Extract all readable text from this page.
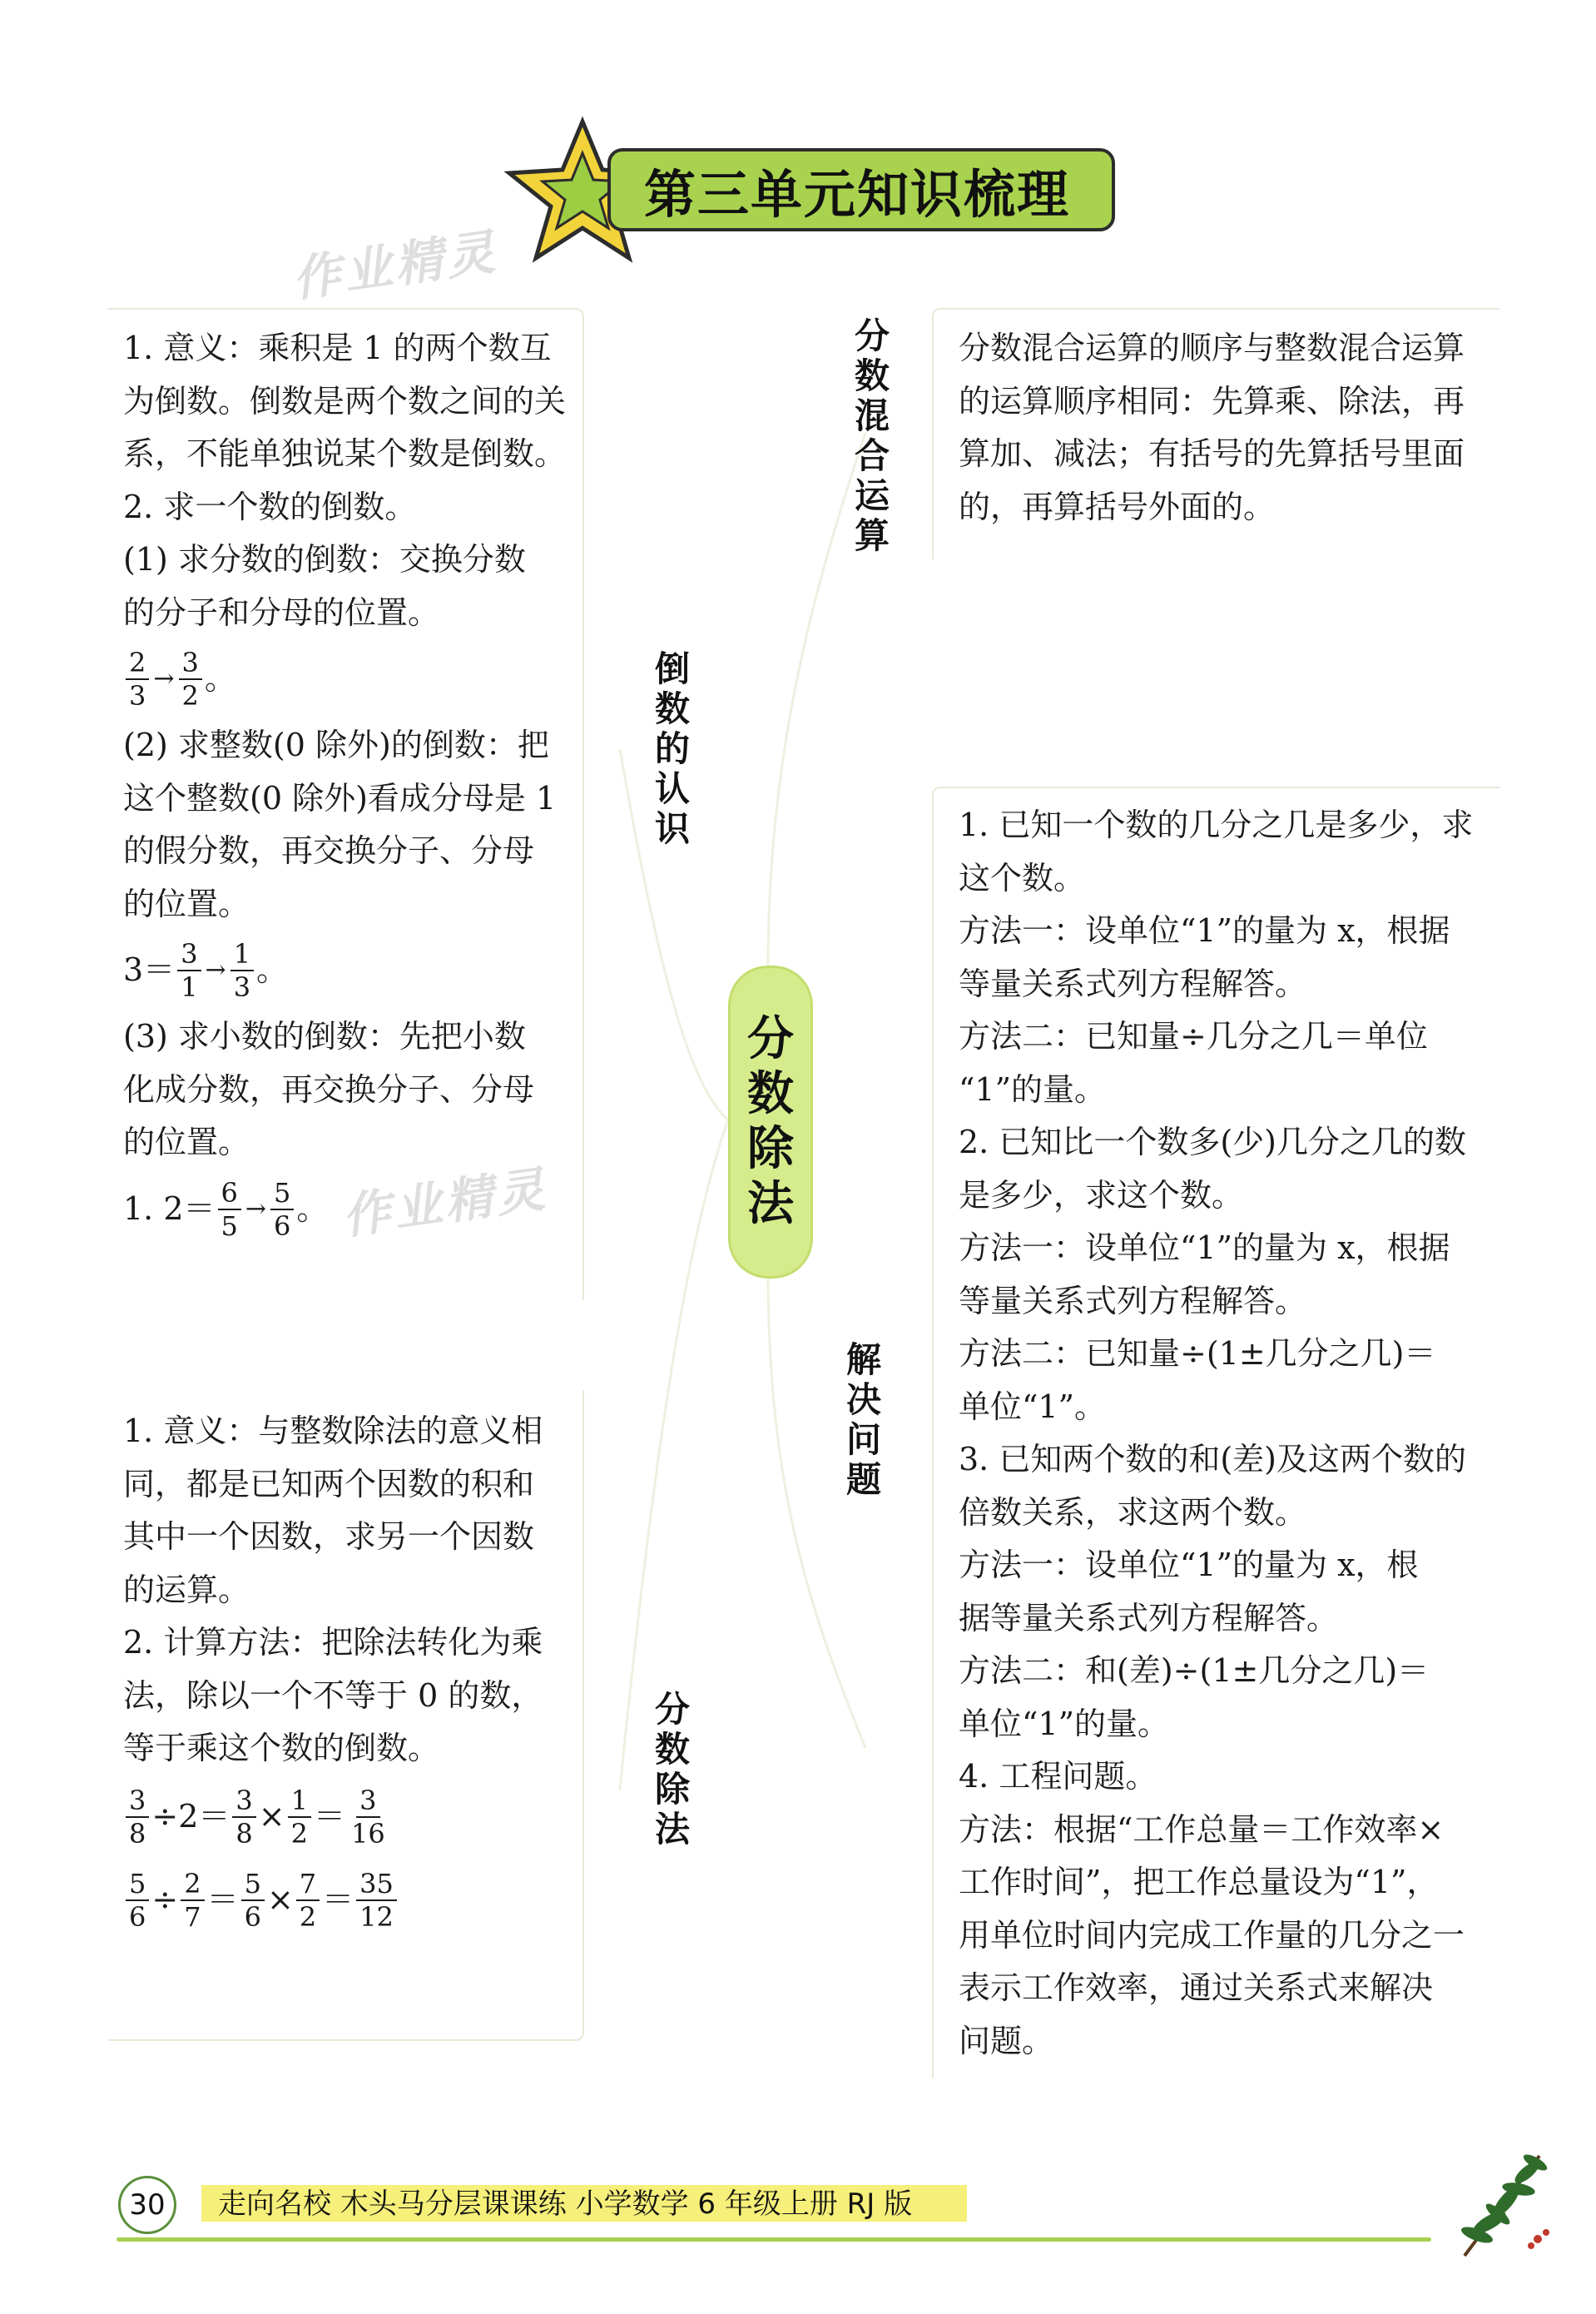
第三单元知识梳理
作业精灵
作业精灵
倒数的认识
分数除法
分数混合运算
解决问题
分数除法

1. 意义：乘积是 1 的两个数互

为倒数。倒数是两个数之间的关

系，不能单独说某个数是倒数。

2. 求一个数的倒数。

(1) 求分数的倒数：交换分数

的分子和分母的位置。

$\frac{2}{3} \to \frac{3}{2}$ 。

(2) 求整数(0 除外)的倒数：把

这个整数(0 除外)看成分母是 1

的假分数，再交换分子、分母

的位置。

$3= \frac{3}{1} \to \frac{1}{3}$ 。

(3) 求小数的倒数：先把小数

化成分数，再交换分子、分母

的位置。

1. $2= \frac{6}{5} \to \frac{5}{6}$ 。

1. 意义：与整数除法的意义相

同，都是已知两个因数的积和

其中一个因数，求另一个因数

的运算。

2. 计算方法：把除法转化为乘

法，除以一个不等于 0 的数，

等于乘这个数的倒数。

$\frac{3}{8} \div 2= \frac{3}{8} \times \frac{1}{2} = \frac{3}{16}$
$\frac{5}{6} \div \frac{2}{7} = \frac{5}{6} \times \frac{7}{2} = \frac{35}{12}$

分数混合运算的顺序与整数混合运算

的运算顺序相同：先算乘、除法，再

算加、减法；有括号的先算括号里面

的，再算括号外面的。

1. 已知一个数的几分之几是多少，求

这个数。

方法一：设单位“1”的量为 x，根据

等量关系式列方程解答。

方法二：已知量÷几分之几＝单位

“1”的量。

2. 已知比一个数多(少)几分之几的数

是多少，求这个数。

方法一：设单位“1”的量为 x，根据

等量关系式列方程解答。

方法二：已知量÷(1±几分之几)＝

单位“1”。

3. 已知两个数的和(差)及这两个数的

倍数关系，求这两个数。

方法一：设单位“1”的量为 x，根

据等量关系式列方程解答。

方法二：和(差)÷(1±几分之几)＝

单位“1”的量。

4. 工程问题。

方法：根据“工作总量＝工作效率×

工作时间”，把工作总量设为“1”，

用单位时间内完成工作量的几分之一

表示工作效率，通过关系式来解决

问题。

30	走向名校 木头马分层课课练 小学数学 6 年级上册 RJ 版
